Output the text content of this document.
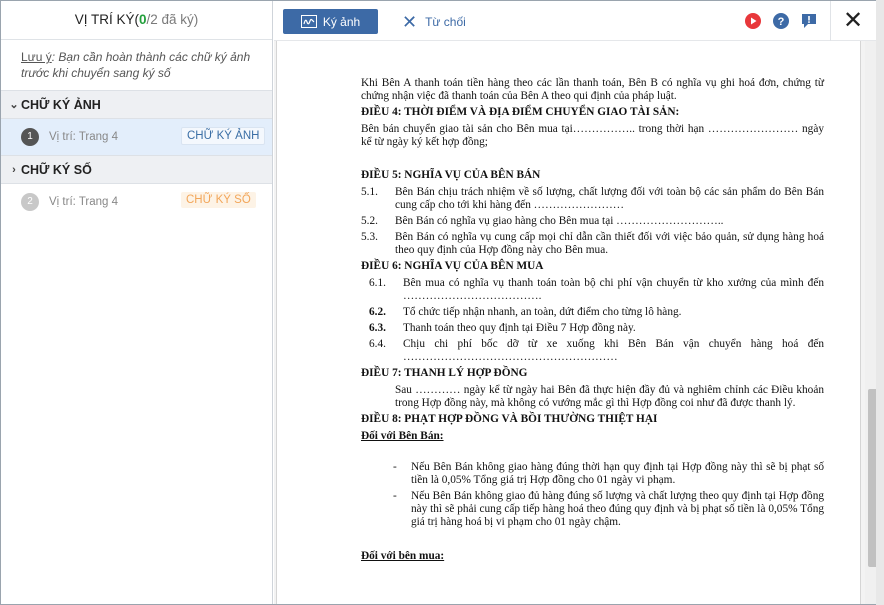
VỊ TRÍ KÝ(0/2 đã ký)
Lưu ý: Bạn cần hoàn thành các chữ ký ảnh trước khi chuyển sang ký số
⌄ CHỮ KÝ ẢNH
1	Vị trí: Trang 4	CHỮ KÝ ẢNH
› CHỮ KÝ SỐ
2	Vị trí: Trang 4	CHỮ KÝ SỐ
Ký ảnh ✕ Từ chối	? ✕
Khi Bên A thanh toán tiền hàng theo các lần thanh toán, Bên B có nghĩa vụ ghi hoá đơn, chứng từ chứng nhận việc đã thanh toán của Bên A theo qui định của pháp luật.
ĐIỀU 4: THỜI ĐIỂM VÀ ĐỊA ĐIỂM CHUYỂN GIAO TÀI SẢN:
Bên bán chuyển giao tài sản cho Bên mua tại…………….. trong thời hạn …………………… ngày kể từ ngày ký kết hợp đồng;
ĐIỀU 5: NGHĨA VỤ CỦA BÊN BÁN
5.1.	Bên Bán chịu trách nhiệm về số lượng, chất lượng đối với toàn bộ các sản phẩm do Bên Bán cung cấp cho tới khi hàng đến ……………………
5.2.	Bên Bán có nghĩa vụ giao hàng cho Bên mua tại ………………………..
5.3.	Bên Bán có nghĩa vụ cung cấp mọi chỉ dẫn cần thiết đối với việc bảo quản, sử dụng hàng hoá theo quy định của Hợp đồng này cho Bên mua.
ĐIỀU 6: NGHĨA VỤ CỦA BÊN MUA
6.1.	Bên mua có nghĩa vụ thanh toán toàn bộ chi phí vận chuyển từ kho xưởng của mình đến ……………………………….
6.2.	Tổ chức tiếp nhận nhanh, an toàn, dứt điểm cho từng lô hàng.
6.3.	Thanh toán theo quy định tại Điều 7 Hợp đồng này.
6.4.	Chịu chi phí bốc dỡ từ xe xuống khi Bên Bán vận chuyển hàng hoá đến …………………………………………………
ĐIỀU 7: THANH LÝ HỢP ĐỒNG
Sau ………… ngày kể từ ngày hai Bên đã thực hiện đầy đủ và nghiêm chỉnh các Điều khoản trong Hợp đồng này, mà không có vướng mắc gì thì Hợp đồng coi như đã được thanh lý.
ĐIỀU 8: PHẠT HỢP ĐỒNG VÀ BỒI THƯỜNG THIỆT HẠI
Đối với Bên Bán:
-	Nếu Bên Bán không giao hàng đúng thời hạn quy định tại Hợp đồng này thì sẽ bị phạt số tiền là 0,05% Tổng giá trị Hợp đồng cho 01 ngày vi phạm.
-	Nếu Bên Bán không giao đủ hàng đúng số lượng và chất lượng theo quy định tại Hợp đồng này thì sẽ phải cung cấp tiếp hàng hoá theo đúng quy định và bị phạt số tiền là 0,05% Tổng giá trị hàng hoá bị vi phạm cho 01 ngày chậm.
Đối với bên mua:
